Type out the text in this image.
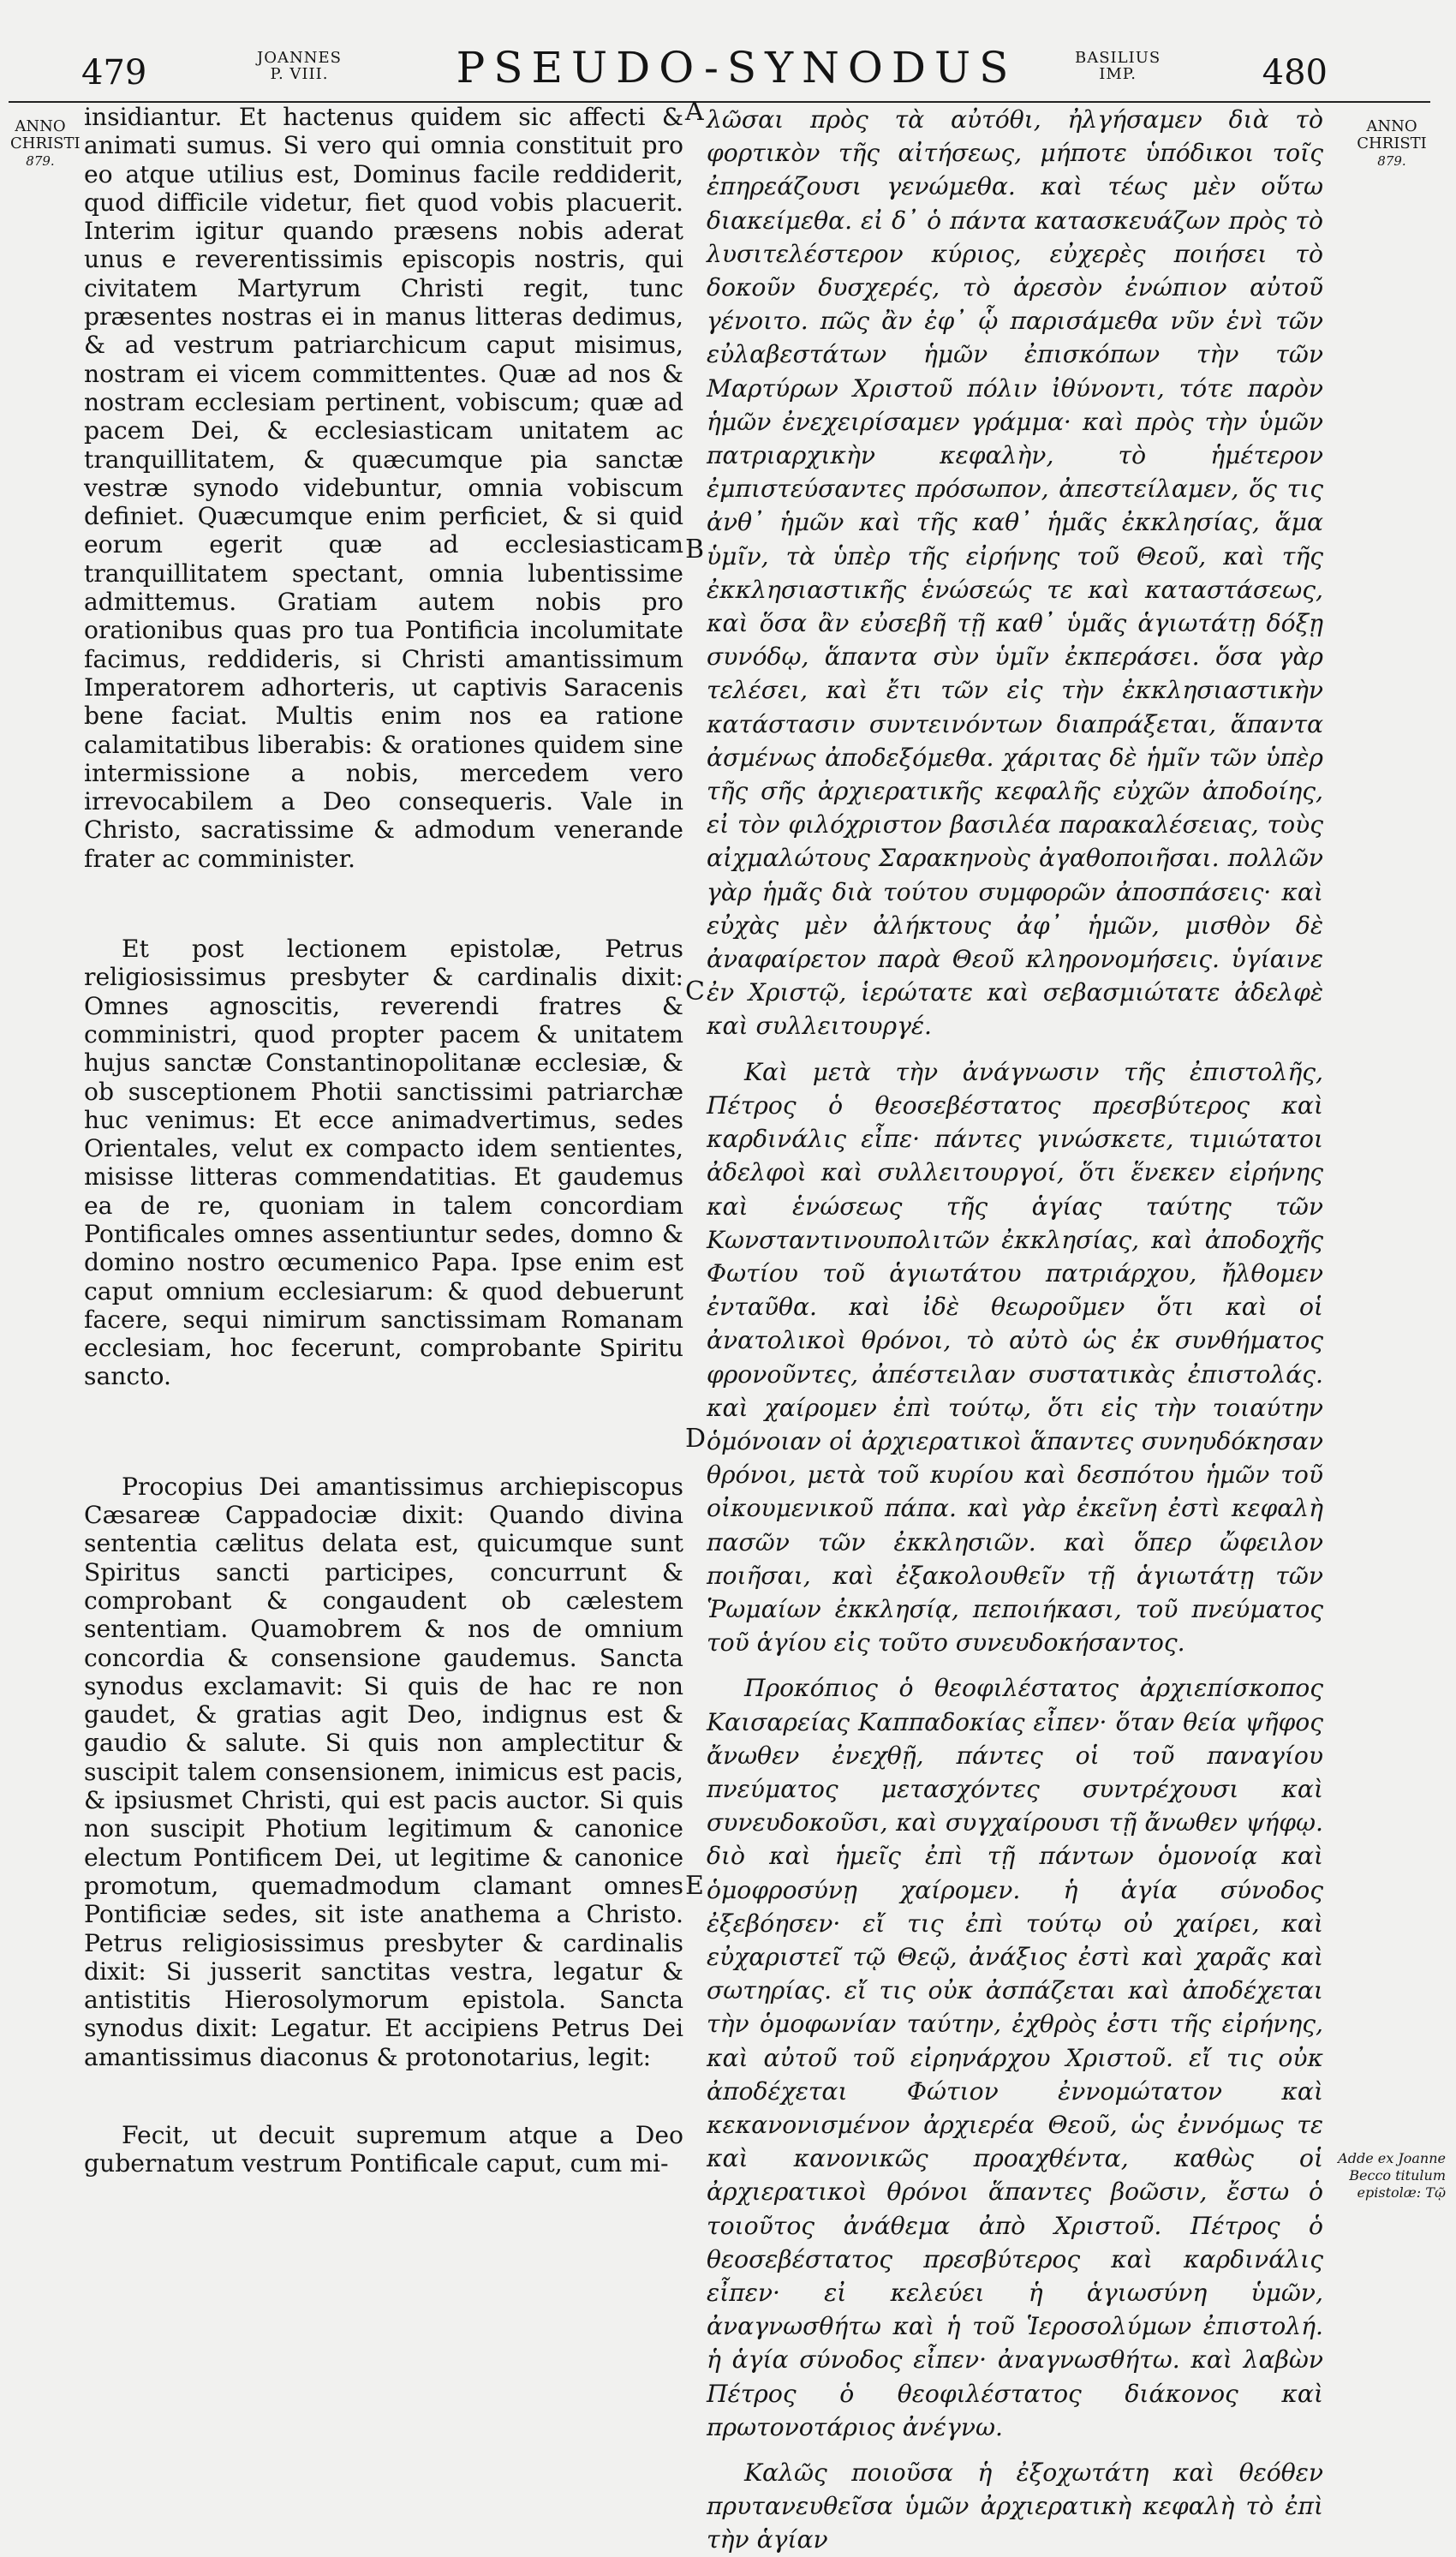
479	JOANNES
P. VIII.	PSEUDO-SYNODUS	BASILIUS
IMP.	480
ANNO
CHRISTI
879.
ANNO
CHRISTI
879.
A
B
C
D
E

insidiantur. Et hactenus quidem sic affecti & animati sumus. Si vero qui omnia constituit pro eo atque utilius est, Dominus facile reddiderit, quod difficile videtur, fiet quod vobis placuerit. Interim igitur quando præsens nobis aderat unus e reverentissimis episcopis nostris, qui civitatem Martyrum Christi regit, tunc præsentes nostras ei in manus litteras dedimus, & ad vestrum patriarchicum caput misimus, nostram ei vicem committentes. Quæ ad nos & nostram ecclesiam pertinent, vobiscum; quæ ad pacem Dei, & ecclesiasticam unitatem ac tranquillitatem, & quæcumque pia sanctæ vestræ synodo videbuntur, omnia vobiscum definiet. Quæcumque enim perficiet, & si quid eorum egerit quæ ad ecclesiasticam tranquillitatem spectant, omnia lubentissime admittemus. Gratiam autem nobis pro orationibus quas pro tua Pontificia incolumitate facimus, reddideris, si Christi amantissimum Imperatorem adhorteris, ut captivis Saracenis bene faciat. Multis enim nos ea ratione calamitatibus liberabis: & orationes quidem sine intermissione a nobis, mercedem vero irrevocabilem a Deo consequeris. Vale in Christo, sacratissime & admodum venerande frater ac comminister.

Et post lectionem epistolæ, Petrus religiosissimus presbyter & cardinalis dixit: Omnes agnoscitis, reverendi fratres & comministri, quod propter pacem & unitatem hujus sanctæ Constantinopolitanæ ecclesiæ, & ob susceptionem Photii sanctissimi patriarchæ huc venimus: Et ecce animadvertimus, sedes Orientales, velut ex compacto idem sentientes, misisse litteras commendatitias. Et gaudemus ea de re, quoniam in talem concordiam Pontificales omnes assentiuntur sedes, domno & domino nostro œcumenico Papa. Ipse enim est caput omnium ecclesiarum: & quod debuerunt facere, sequi nimirum sanctissimam Romanam ecclesiam, hoc fecerunt, comprobante Spiritu sancto.

Procopius Dei amantissimus archiepiscopus Cæsareæ Cappadociæ dixit: Quando divina sententia cælitus delata est, quicumque sunt Spiritus sancti participes, concurrunt & comprobant & congaudent ob cælestem sententiam. Quamobrem & nos de omnium concordia & consensione gaudemus. Sancta synodus exclamavit: Si quis de hac re non gaudet, & gratias agit Deo, indignus est & gaudio & salute. Si quis non amplectitur & suscipit talem consensionem, inimicus est pacis, & ipsiusmet Christi, qui est pacis auctor. Si quis non suscipit Photium legitimum & canonice electum Pontificem Dei, ut legitime & canonice promotum, quemadmodum clamant omnes Pontificiæ sedes, sit iste anathema a Christo. Petrus religiosissimus presbyter & cardinalis dixit: Si jusserit sanctitas vestra, legatur & antistitis Hierosolymorum epistola. Sancta synodus dixit: Legatur. Et accipiens Petrus Dei amantissimus diaconus & protonotarius, legit:

Fecit, ut decuit supremum atque a Deo gubernatum vestrum Pontificale caput, cum mi-

λῶσαι πρὸς τὰ αὐτόθι, ἠλγήσαμεν διὰ τὸ φορτικὸν τῆς αἰτήσεως, μήποτε ὑπόδικοι τοῖς ἐπηρεάζουσι γενώμεθα. καὶ τέως μὲν οὕτω διακείμεθα. εἰ δ᾽ ὁ πάντα κατασκευάζων πρὸς τὸ λυσιτελέστερον κύριος, εὐχερὲς ποιήσει τὸ δοκοῦν δυσχερές, τὸ ἀρεσὸν ἐνώπιον αὐτοῦ γένοιτο. πῶς ἂν ἐφ᾽ ᾧ παρισάμεθα νῦν ἑνὶ τῶν εὐλαβεστάτων ἡμῶν ἐπισκόπων τὴν τῶν Μαρτύρων Χριστοῦ πόλιν ἰθύνοντι, τότε παρὸν ἡμῶν ἐνεχειρίσαμεν γράμμα· καὶ πρὸς τὴν ὑμῶν πατριαρχικὴν κεφαλὴν, τὸ ἡμέτερον ἐμπιστεύσαντες πρόσωπον, ἀπεστείλαμεν, ὅς τις ἀνθ᾽ ἡμῶν καὶ τῆς καθ᾽ ἡμᾶς ἐκκλησίας, ἅμα ὑμῖν, τὰ ὑπὲρ τῆς εἰρήνης τοῦ Θεοῦ, καὶ τῆς ἐκκλησιαστικῆς ἑνώσεώς τε καὶ καταστάσεως, καὶ ὅσα ἂν εὐσεβῆ τῇ καθ᾽ ὑμᾶς ἁγιωτάτῃ δόξῃ συνόδῳ, ἅπαντα σὺν ὑμῖν ἐκπεράσει. ὅσα γὰρ τελέσει, καὶ ἔτι τῶν εἰς τὴν ἐκκλησιαστικὴν κατάστασιν συντεινόντων διαπράξεται, ἅπαντα ἀσμένως ἀποδεξόμεθα. χάριτας δὲ ἡμῖν τῶν ὑπὲρ τῆς σῆς ἀρχιερατικῆς κεφαλῆς εὐχῶν ἀποδοίης, εἰ τὸν φιλόχριστον βασιλέα παρακαλέσειας, τοὺς αἰχμαλώτους Σαρακηνοὺς ἀγαθοποιῆσαι. πολλῶν γὰρ ἡμᾶς διὰ τούτου συμφορῶν ἀποσπάσεις· καὶ εὐχὰς μὲν ἀλήκτους ἀφ᾽ ἡμῶν, μισθὸν δὲ ἀναφαίρετον παρὰ Θεοῦ κληρονομήσεις. ὑγίαινε ἐν Χριστῷ, ἱερώτατε καὶ σεβασμιώτατε ἀδελφὲ καὶ συλλειτουργέ.

Καὶ μετὰ τὴν ἀνάγνωσιν τῆς ἐπιστολῆς, Πέτρος ὁ θεοσεβέστατος πρεσβύτερος καὶ καρδινάλις εἶπε· πάντες γινώσκετε, τιμιώτατοι ἀδελφοὶ καὶ συλλειτουργοί, ὅτι ἕνεκεν εἰρήνης καὶ ἑνώσεως τῆς ἁγίας ταύτης τῶν Κωνσταντινουπολιτῶν ἐκκλησίας, καὶ ἀποδοχῆς Φωτίου τοῦ ἁγιωτάτου πατριάρχου, ἤλθομεν ἐνταῦθα. καὶ ἰδὲ θεωροῦμεν ὅτι καὶ οἱ ἀνατολικοὶ θρόνοι, τὸ αὐτὸ ὡς ἐκ συνθήματος φρονοῦντες, ἀπέστειλαν συστατικὰς ἐπιστολάς. καὶ χαίρομεν ἐπὶ τούτῳ, ὅτι εἰς τὴν τοιαύτην ὁμόνοιαν οἱ ἀρχιερατικοὶ ἅπαντες συνηυδόκησαν θρόνοι, μετὰ τοῦ κυρίου καὶ δεσπότου ἡμῶν τοῦ οἰκουμενικοῦ πάπα. καὶ γὰρ ἐκεῖνη ἐστὶ κεφαλὴ πασῶν τῶν ἐκκλησιῶν. καὶ ὅπερ ὤφειλον ποιῆσαι, καὶ ἐξακολουθεῖν τῇ ἁγιωτάτῃ τῶν Ῥωμαίων ἐκκλησίᾳ, πεποιήκασι, τοῦ πνεύματος τοῦ ἁγίου εἰς τοῦτο συνευδοκήσαντος.

Προκόπιος ὁ θεοφιλέστατος ἀρχιεπίσκοπος Καισαρείας Καππαδοκίας εἶπεν· ὅταν θεία ψῆφος ἄνωθεν ἐνεχθῇ, πάντες οἱ τοῦ παναγίου πνεύματος μετασχόντες συντρέχουσι καὶ συνευδοκοῦσι, καὶ συγχαίρουσι τῇ ἄνωθεν ψήφῳ. διὸ καὶ ἡμεῖς ἐπὶ τῇ πάντων ὁμονοίᾳ καὶ ὁμοφροσύνῃ χαίρομεν. ἡ ἁγία σύνοδος ἐξεβόησεν· εἴ τις ἐπὶ τούτῳ οὐ χαίρει, καὶ εὐχαριστεῖ τῷ Θεῷ, ἀνάξιος ἐστὶ καὶ χαρᾶς καὶ σωτηρίας. εἴ τις οὐκ ἀσπάζεται καὶ ἀποδέχεται τὴν ὁμοφωνίαν ταύτην, ἐχθρὸς ἐστι τῆς εἰρήνης, καὶ αὐτοῦ τοῦ εἰρηνάρχου Χριστοῦ. εἴ τις οὐκ ἀποδέχεται Φώτιον ἐννομώτατον καὶ κεκανονισμένον ἀρχιερέα Θεοῦ, ὡς ἐννόμως τε καὶ κανονικῶς προαχθέντα, καθὼς οἱ ἀρχιερατικοὶ θρόνοι ἅπαντες βοῶσιν, ἔστω ὁ τοιοῦτος ἀνάθεμα ἀπὸ Χριστοῦ. Πέτρος ὁ θεοσεβέστατος πρεσβύτερος καὶ καρδινάλις εἶπεν· εἰ κελεύει ἡ ἁγιωσύνη ὑμῶν, ἀναγνωσθήτω καὶ ἡ τοῦ Ἱεροσολύμων ἐπιστολή. ἡ ἁγία σύνοδος εἶπεν· ἀναγνωσθήτω. καὶ λαβὼν Πέτρος ὁ θεοφιλέστατος διάκονος καὶ πρωτονοτάριος ἀνέγνω.

Καλῶς ποιοῦσα ἡ ἐξοχωτάτη καὶ θεόθεν πρυτανευθεῖσα ὑμῶν ἀρχιερατικὴ κεφαλὴ τὸ ἐπὶ τὴν ἁγίαν

Adde ex Joanne Becco titulum epistolæ: Τῷ
